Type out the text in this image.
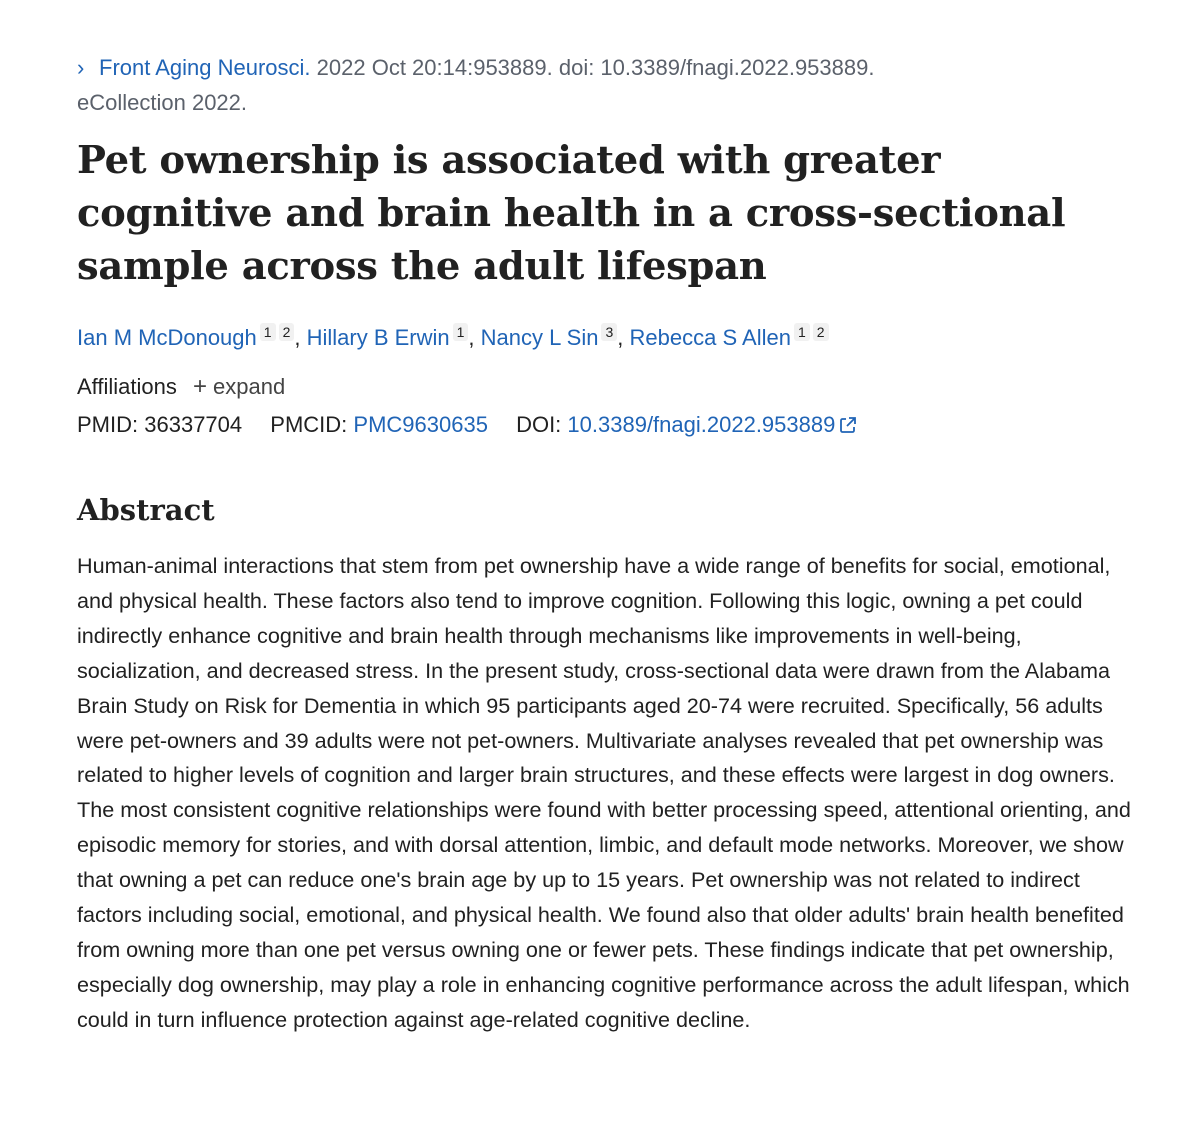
› Front Aging Neurosci. 2022 Oct 20:14:953889. doi: 10.3389/fnagi.2022.953889.
eCollection 2022.

Pet ownership is associated with greater cognitive and brain health in a cross-sectional sample across the adult lifespan
Ian M McDonough 1 2 , Hillary B Erwin 1 , Nancy L Sin 3 , Rebecca S Allen 1 2
Affiliations + expand
PMID: 36337704 PMCID: PMC9630635 DOI: 10.3389/fnagi.2022.953889
Abstract

Human-animal interactions that stem from pet ownership have a wide range of benefits for social, emotional, and physical health. These factors also tend to improve cognition. Following this logic, owning a pet could indirectly enhance cognitive and brain health through mechanisms like improvements in well-being, socialization, and decreased stress. In the present study, cross-sectional data were drawn from the Alabama Brain Study on Risk for Dementia in which 95 participants aged 20-74 were recruited. Specifically, 56 adults were pet-owners and 39 adults were not pet-owners. Multivariate analyses revealed that pet ownership was related to higher levels of cognition and larger brain structures, and these effects were largest in dog owners. The most consistent cognitive relationships were found with better processing speed, attentional orienting, and episodic memory for stories, and with dorsal attention, limbic, and default mode networks. Moreover, we show that owning a pet can reduce one's brain age by up to 15 years. Pet ownership was not related to indirect factors including social, emotional, and physical health. We found also that older adults' brain health benefited from owning more than one pet versus owning one or fewer pets. These findings indicate that pet ownership, especially dog ownership, may play a role in enhancing cognitive performance across the adult lifespan, which could in turn influence protection against age-related cognitive decline.
